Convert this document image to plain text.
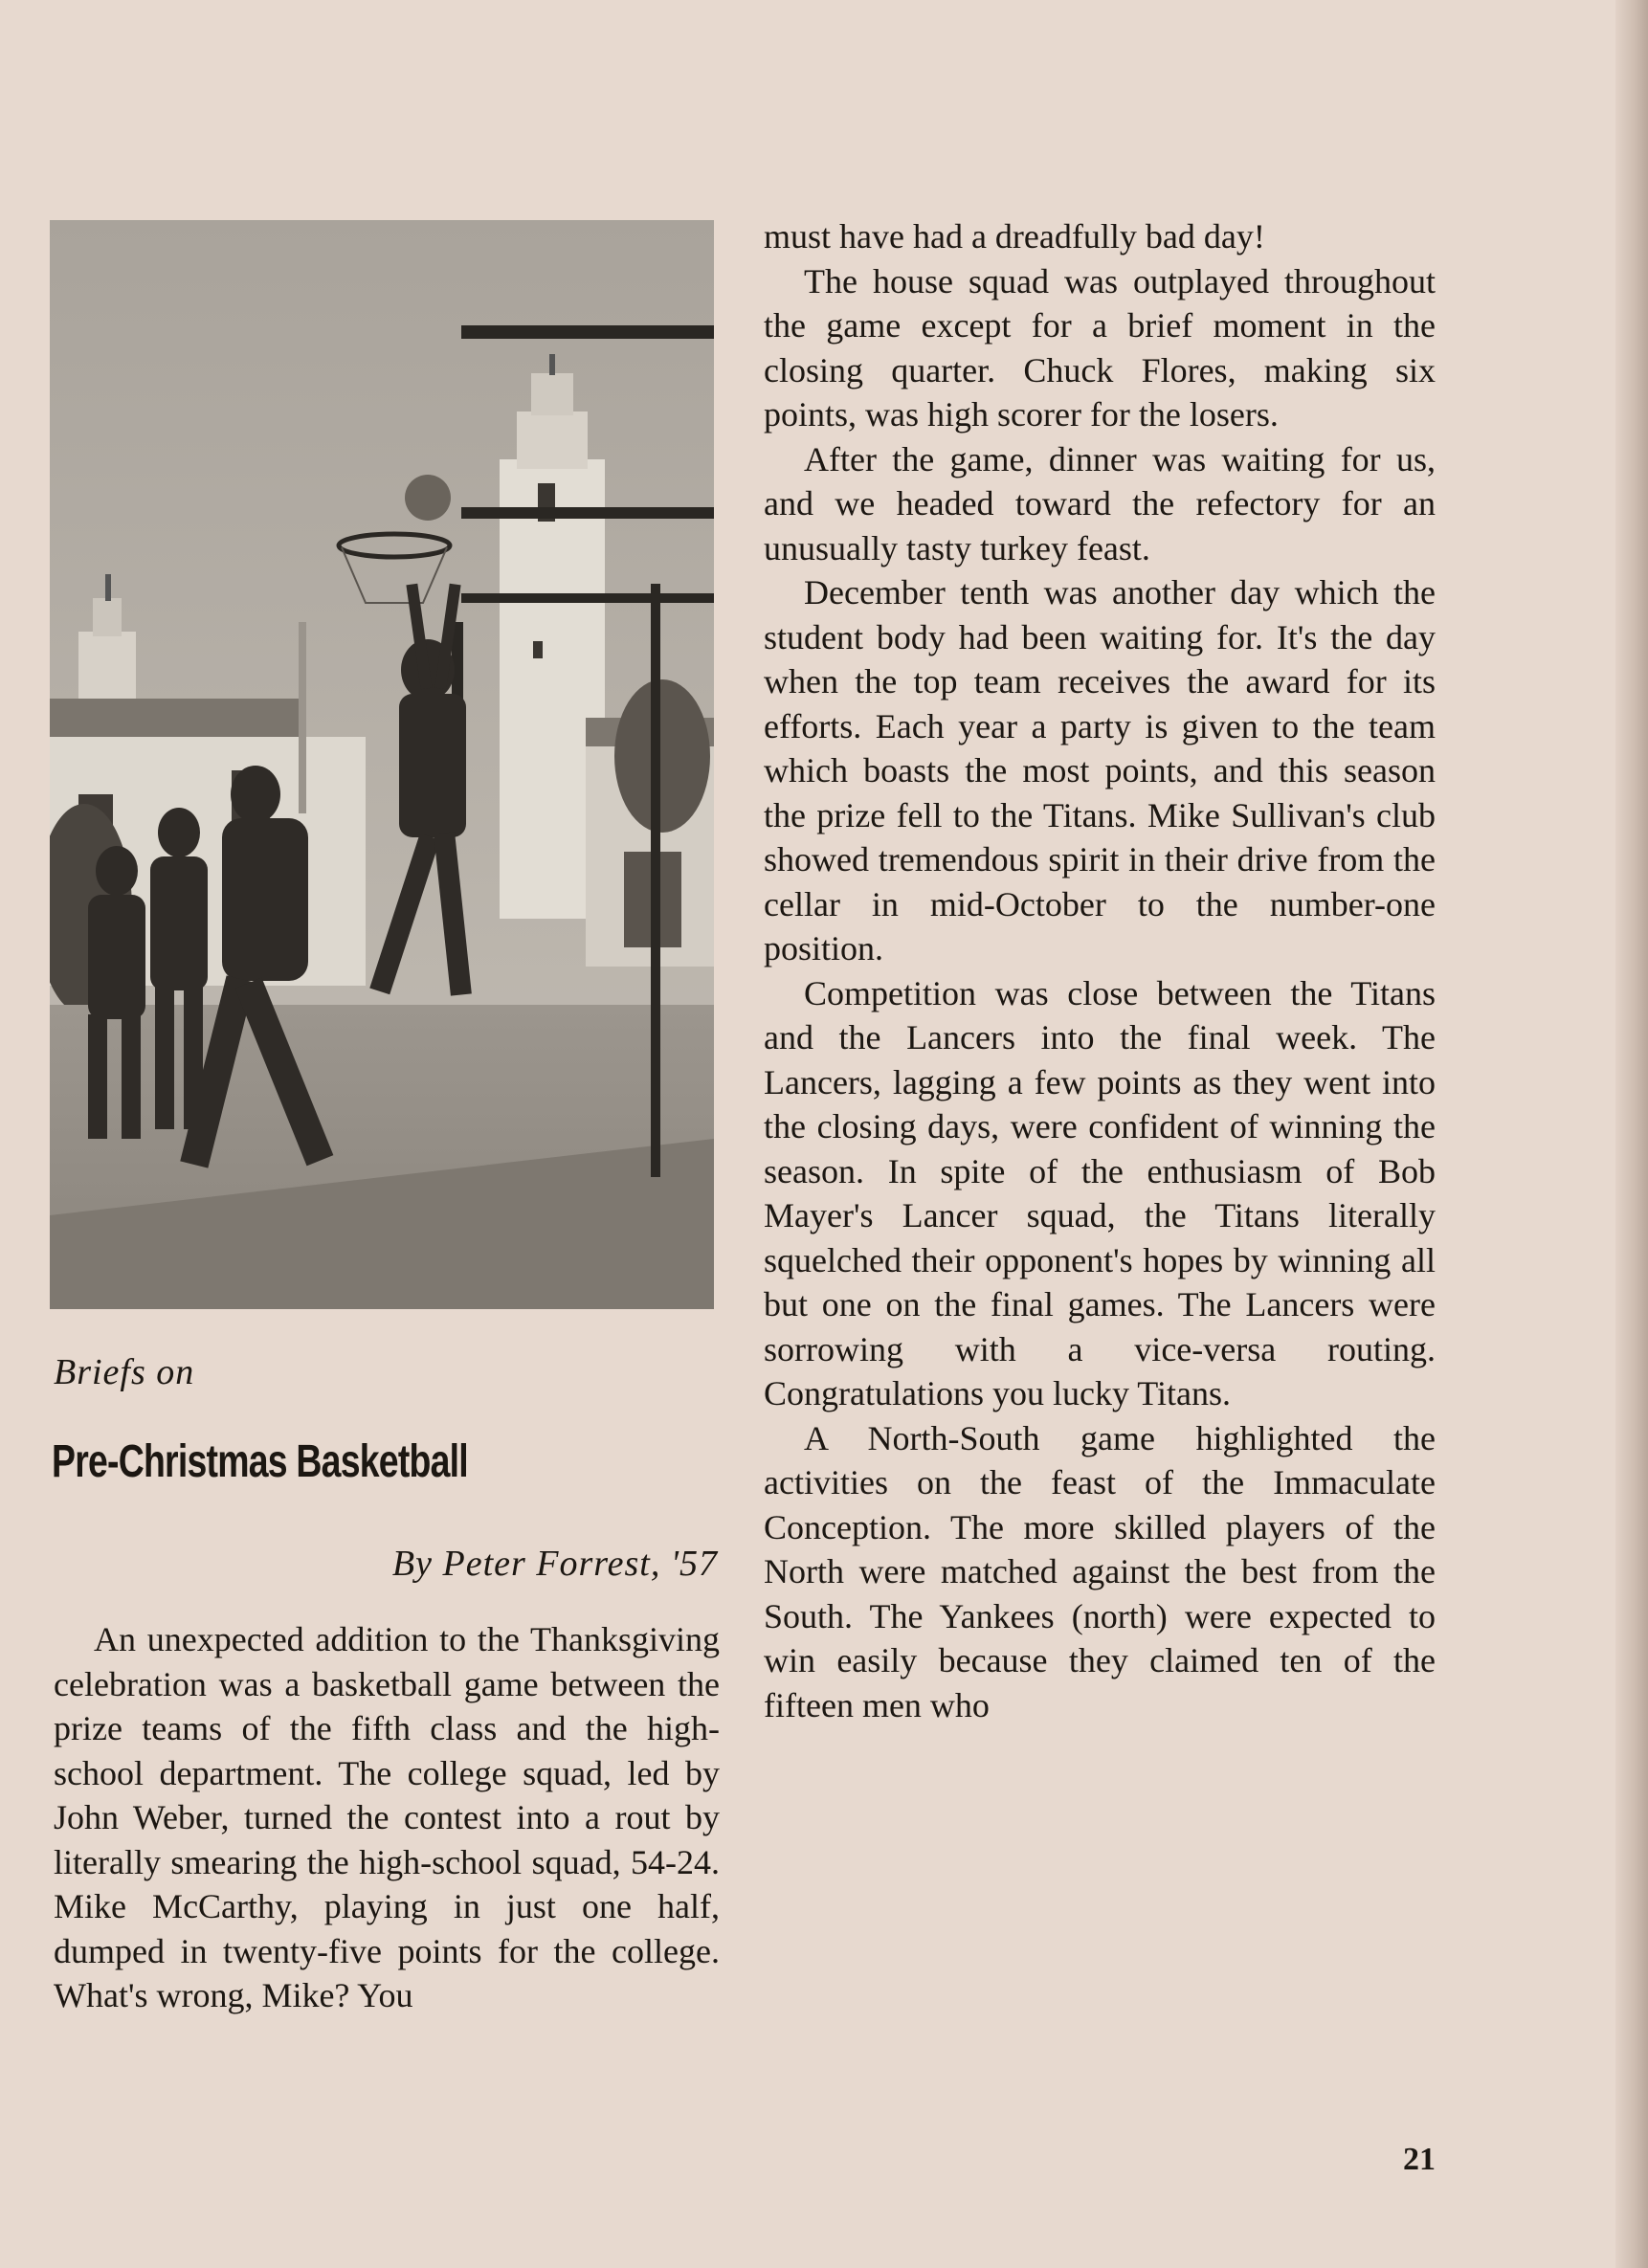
Briefs on
Pre-Christmas Basketball
By Peter Forrest, '57

An unexpected addition to the Thanksgiving celebration was a basketball game between the prize teams of the fifth class and the high-school department. The college squad, led by John Weber, turned the contest into a rout by literally smearing the high-school squad, 54-24. Mike McCarthy, playing in just one half, dumped in twenty-five points for the college. What's wrong, Mike? You

must have had a dreadfully bad day!

The house squad was outplayed throughout the game except for a brief moment in the closing quarter. Chuck Flores, making six points, was high scorer for the losers.

After the game, dinner was waiting for us, and we headed toward the refectory for an unusually tasty turkey feast.

December tenth was another day which the student body had been waiting for. It's the day when the top team receives the award for its efforts. Each year a party is given to the team which boasts the most points, and this season the prize fell to the Titans. Mike Sullivan's club showed tremendous spirit in their drive from the cellar in mid-October to the number-one position.

Competition was close between the Titans and the Lancers into the final week. The Lancers, lagging a few points as they went into the closing days, were confident of winning the season. In spite of the enthusiasm of Bob Mayer's Lancer squad, the Titans literally squelched their opponent's hopes by winning all but one on the final games. The Lancers were sorrowing with a vice-versa routing. Congratulations you lucky Titans.

A North-South game highlighted the activities on the feast of the Immaculate Conception. The more skilled players of the North were matched against the best from the South. The Yankees (north) were expected to win easily because they claimed ten of the fifteen men who

21
